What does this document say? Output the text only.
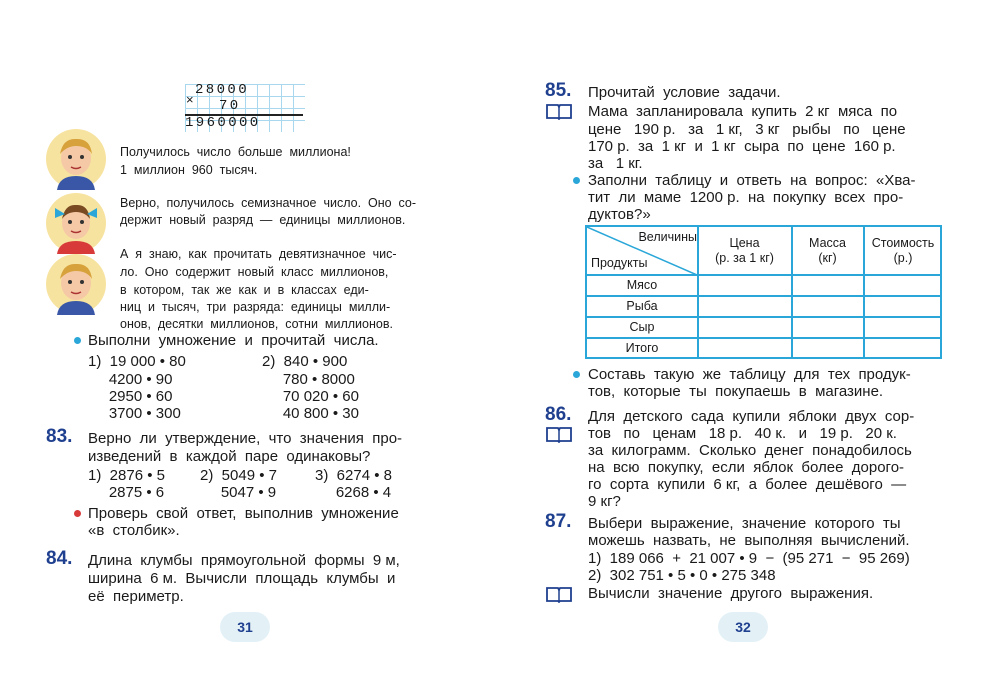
28000
× 70
1960000
Получилось  число  больше  миллиона!
1  миллион  960  тысяч.
Верно,  получилось  семизначное  число.  Оно  со-
держит  новый  разряд  —  единицы  миллионов.
А  я  знаю,  как  прочитать  девятизначное  чис-
ло.  Оно  содержит  новый  класс  миллионов,
в  котором,  так  же  как  и  в  классах  еди-
ниц  и  тысяч,  три  разряда:  единицы  милли-
онов,  десятки  миллионов,  сотни  миллионов.
Выполни  умножение  и  прочитай  числа.
1)  19 000 • 80
4200 • 90
2950 • 60
3700 • 300
2)  840 • 900
780 • 8000
70 020 • 60
40 800 • 30
83. Верно  ли  утверждение,  что  значения  про-
изведений  в  каждой  паре  одинаковы?
1)  2876 • 5
2875 • 6
2)  5049 • 7
5047 • 9
3)  6274 • 8
6268 • 4
Проверь  свой  ответ,  выполнив  умножение
«в  столбик».
84. Длина  клумбы  прямоугольной  формы  9 м,
ширина  6 м.  Вычисли  площадь  клумбы  и
её  периметр.
31
85. Прочитай  условие  задачи.
Мама  запланировала  купить  2 кг  мяса  по
цене   190 р.   за   1 кг,   3 кг   рыбы   по   цене
170 р.  за  1 кг  и  1 кг  сыра  по  цене  160 р.
за   1 кг.
Заполни  таблицу  и  ответь  на  вопрос:  «Хва-
тит  ли  маме  1200 р.  на  покупку  всех  про-
дуктов?»
Величины
Продукты
Цена
(р. за 1 кг)
Масса
(кг)
Стоимость
(р.)
Мясо
Рыба
Сыр
Итого
Составь  такую  же  таблицу  для  тех  продук-
тов,  которые  ты  покупаешь  в  магазине.
86. Для  детского  сада  купили  яблоки  двух  сор-
тов   по   ценам   18 р.   40 к.   и   19 р.   20 к.
за  килограмм.  Сколько  денег  понадобилось
на  всю  покупку,  если  яблок  более  дорого-
го  сорта  купили  6 кг,  а  более  дешёвого  —
9 кг?
87. Выбери  выражение,  значение  которого  ты
можешь  назвать,  не  выполняя  вычислений.
1)  189 066  +  21 007 • 9  −  (95 271  −  95 269)
2)  302 751 • 5 • 0 • 275 348
Вычисли  значение  другого  выражения.
32
